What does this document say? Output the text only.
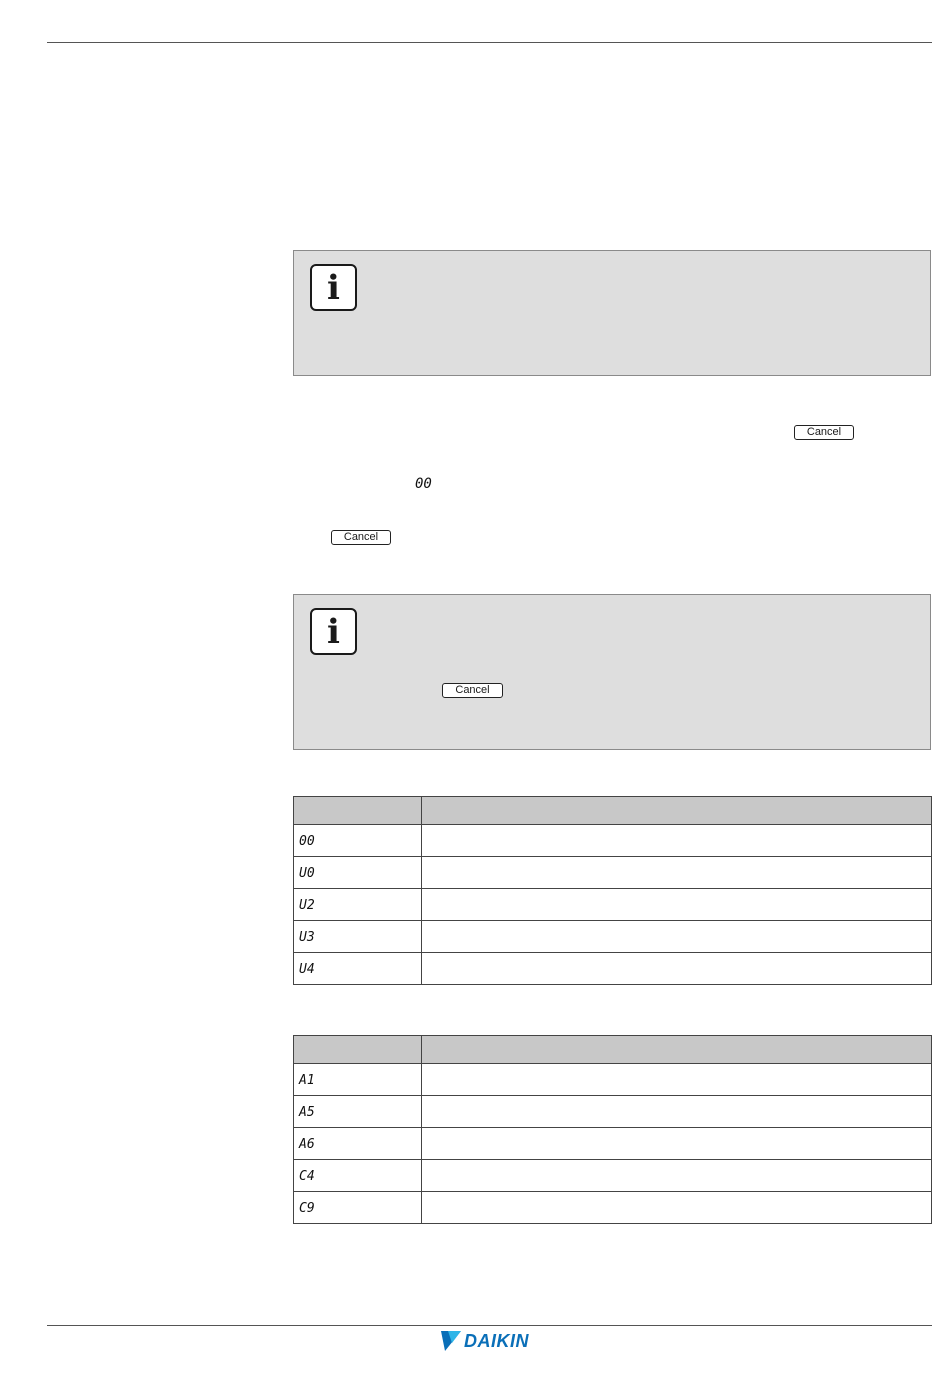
i
Cancel
00
Cancel
i
Cancel

00	
U0	
U2	
U3	
U4	

A1	
A5	
A6	
C4	
C9	
DAIKIN
